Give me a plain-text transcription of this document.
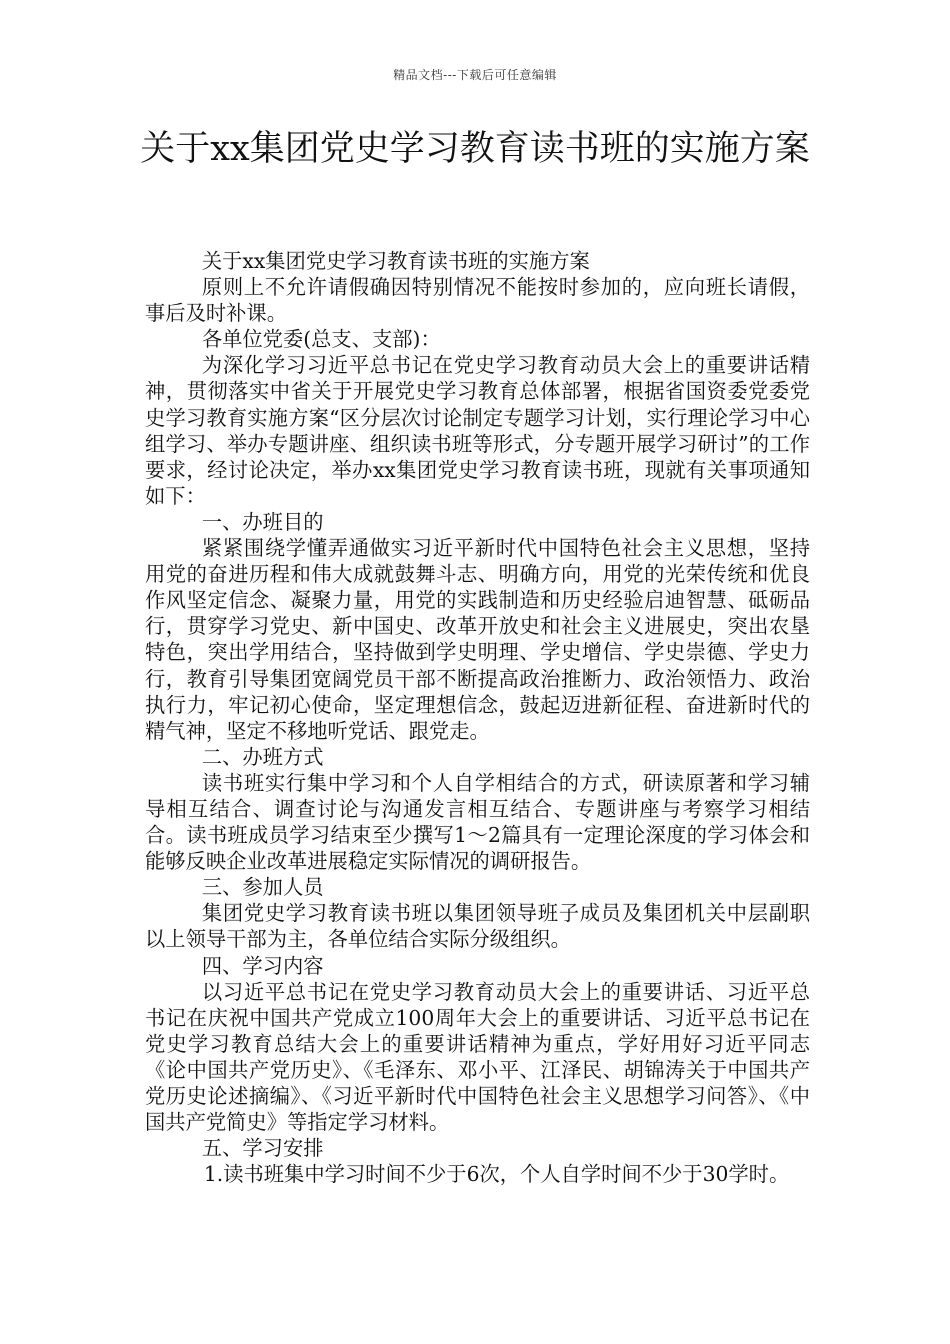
精品文档---下载后可任意编辑
关于xx集团党史学习教育读书班的实施方案

关于xx集团党史学习教育读书班的实施方案

原则上不允许请假确因特别情况不能按时参加的，应向班长请假，事后及时补课。

各单位党委(总支、支部)：

为深化学习习近平总书记在党史学习教育动员大会上的重要讲话精神，贯彻落实中省关于开展党史学习教育总体部署，根据省国资委党委党史学习教育实施方案“区分层次讨论制定专题学习计划，实行理论学习中心组学习、举办专题讲座、组织读书班等形式，分专题开展学习研讨”的工作要求，经讨论决定，举办xx集团党史学习教育读书班，现就有关事项通知如下：

一、办班目的

紧紧围绕学懂弄通做实习近平新时代中国特色社会主义思想，坚持用党的奋进历程和伟大成就鼓舞斗志、明确方向，用党的光荣传统和优良作风坚定信念、凝聚力量，用党的实践制造和历史经验启迪智慧、砥砺品行，贯穿学习党史、新中国史、改革开放史和社会主义进展史，突出农垦特色，突出学用结合，坚持做到学史明理、学史增信、学史崇德、学史力行，教育引导集团宽阔党员干部不断提高政治推断力、政治领悟力、政治执行力，牢记初心使命，坚定理想信念，鼓起迈进新征程、奋进新时代的精气神，坚定不移地听党话、跟党走。

二、办班方式

读书班实行集中学习和个人自学相结合的方式，研读原著和学习辅导相互结合、调查讨论与沟通发言相互结合、专题讲座与考察学习相结合。读书班成员学习结束至少撰写1～2篇具有一定理论深度的学习体会和能够反映企业改革进展稳定实际情况的调研报告。

三、参加人员

集团党史学习教育读书班以集团领导班子成员及集团机关中层副职以上领导干部为主，各单位结合实际分级组织。

四、学习内容

以习近平总书记在党史学习教育动员大会上的重要讲话、习近平总书记在庆祝中国共产党成立100周年大会上的重要讲话、习近平总书记在党史学习教育总结大会上的重要讲话精神为重点，学好用好习近平同志《论中国共产党历史》、《毛泽东、邓小平、江泽民、胡锦涛关于中国共产党历史论述摘编》、《习近平新时代中国特色社会主义思想学习问答》、《中国共产党简史》等指定学习材料。

五、学习安排

1.读书班集中学习时间不少于6次，个人自学时间不少于30学时。
